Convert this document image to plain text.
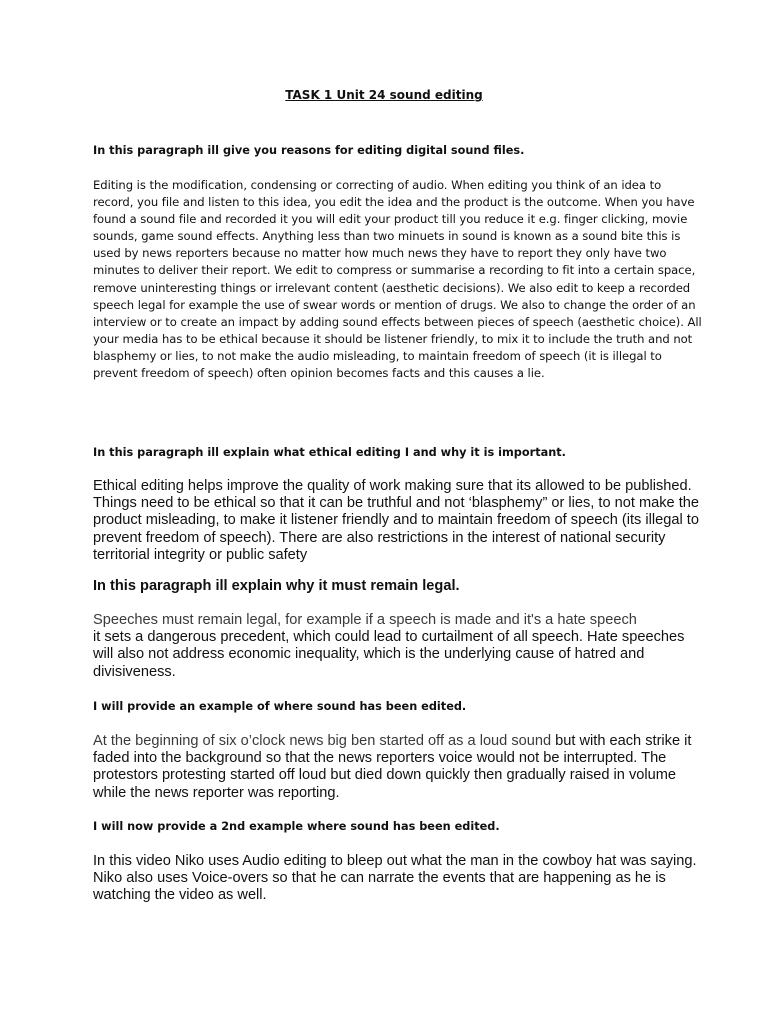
TASK 1 Unit 24 sound editing

In this paragraph ill give you reasons for editing digital sound files.

Editing is the modification, condensing or correcting of audio. When editing you think of an idea to record, you file and listen to this idea, you edit the idea and the product is the outcome. When you have found a sound file and recorded it you will edit your product till you reduce it e.g. finger clicking, movie sounds, game sound effects. Anything less than two minuets in sound is known as a sound bite this is used by news reporters because no matter how much news they have to report they only have two minutes to deliver their report. We edit to compress or summarise a recording to fit into a certain space, remove uninteresting things or irrelevant content (aesthetic decisions). We also edit to keep a recorded speech legal for example the use of swear words or mention of drugs. We also to change the order of an interview or to create an impact by adding sound effects between pieces of speech (aesthetic choice). All your media has to be ethical because it should be listener friendly, to mix it to include the truth and not blasphemy or lies, to not make the audio misleading, to maintain freedom of speech (it is illegal to prevent freedom of speech) often opinion becomes facts and this causes a lie.

In this paragraph ill explain what ethical editing I and why it is important.

Ethical editing helps improve the quality of work making sure that its allowed to be published. Things need to be ethical so that it can be truthful and not ‘blasphemy” or lies, to not make the product misleading, to make it listener friendly and to maintain freedom of speech (its illegal to prevent freedom of speech). There are also restrictions in the interest of national security territorial integrity or public safety

In this paragraph ill explain why it must remain legal.

Speeches must remain legal, for example if a speech is made and it's a hate speech
it sets a dangerous precedent, which could lead to curtailment of all speech. Hate speeches will also not address economic inequality, which is the underlying cause of hatred and divisiveness.

I will provide an example of where sound has been edited.

At the beginning of six o’clock news big ben started off as a loud sound but with each strike it faded into the background so that the news reporters voice would not be interrupted. The protestors protesting started off loud but died down quickly then gradually raised in volume while the news reporter was reporting.

I will now provide a 2nd example where sound has been edited.

In this video Niko uses Audio editing to bleep out what the man in the cowboy hat was saying. Niko also uses Voice-overs so that he can narrate the events that are happening as he is watching the video as well.
